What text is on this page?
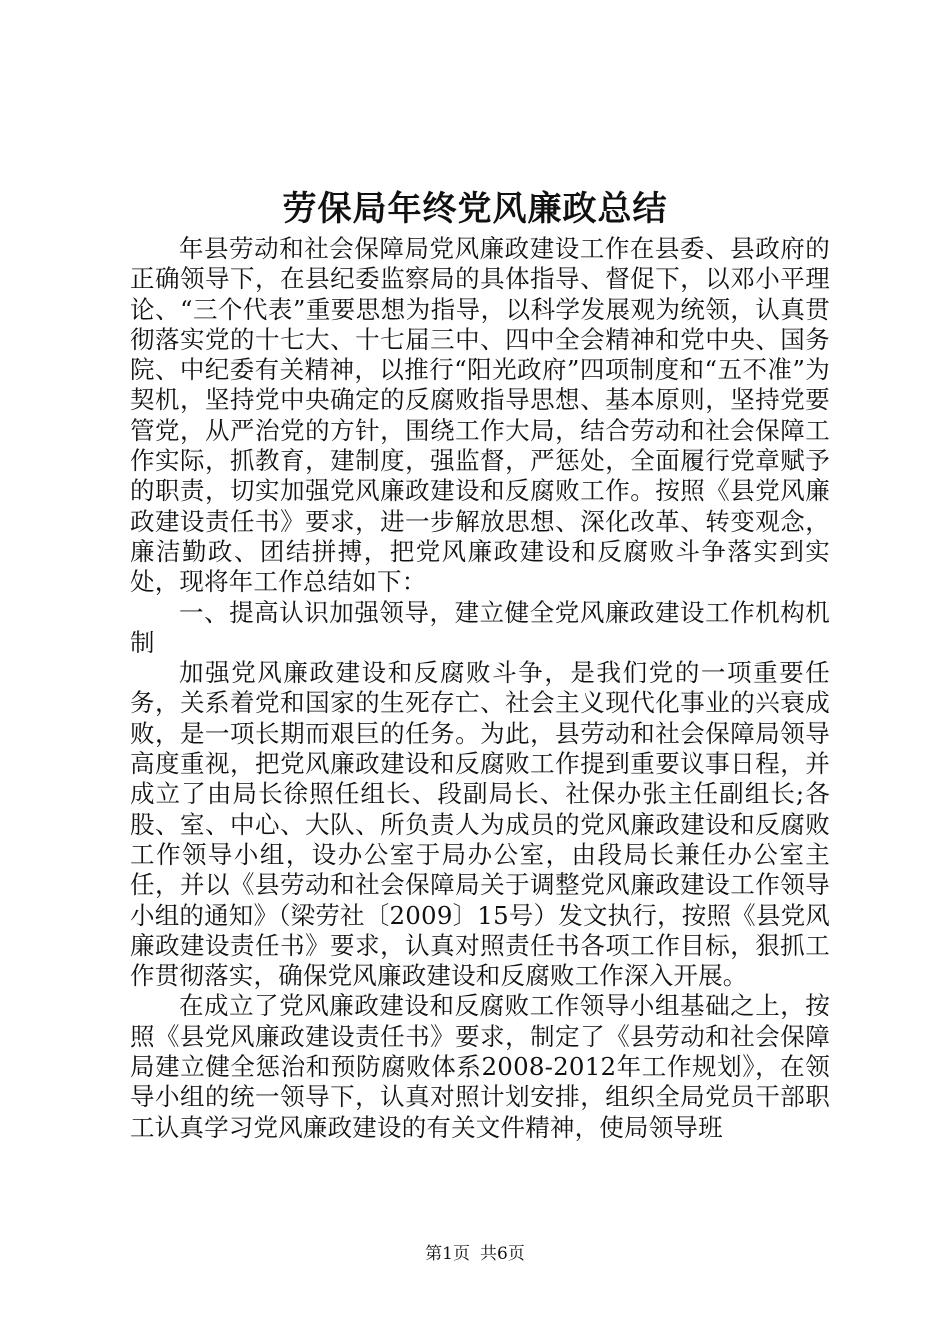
劳保局年终党风廉政总结

年县劳动和社会保障局党风廉政建设工作在县委、县政府的正确领导下，在县纪委监察局的具体指导、督促下，以邓小平理论、“三个代表”重要思想为指导，以科学发展观为统领，认真贯彻落实党的十七大、十七届三中、四中全会精神和党中央、国务院、中纪委有关精神，以推行“阳光政府”四项制度和“五不准”为契机，坚持党中央确定的反腐败指导思想、基本原则，坚持党要管党，从严治党的方针，围绕工作大局，结合劳动和社会保障工作实际，抓教育，建制度，强监督，严惩处，全面履行党章赋予的职责，切实加强党风廉政建设和反腐败工作。按照《县党风廉政建设责任书》要求，进一步解放思想、深化改革、转变观念，廉洁勤政、团结拼搏，把党风廉政建设和反腐败斗争落实到实处，现将年工作总结如下：

一、提高认识加强领导，建立健全党风廉政建设工作机构机制

加强党风廉政建设和反腐败斗争，是我们党的一项重要任务，关系着党和国家的生死存亡、社会主义现代化事业的兴衰成败，是一项长期而艰巨的任务。为此，县劳动和社会保障局领导高度重视，把党风廉政建设和反腐败工作提到重要议事日程，并成立了由局长徐照任组长、段副局长、社保办张主任副组长;各股、室、中心、大队、所负责人为成员的党风廉政建设和反腐败工作领导小组，设办公室于局办公室，由段局长兼任办公室主任，并以《县劳动和社会保障局关于调整党风廉政建设工作领导小组的通知》（梁劳社〔2009〕15号）发文执行，按照《县党风廉政建设责任书》要求，认真对照责任书各项工作目标，狠抓工作贯彻落实，确保党风廉政建设和反腐败工作深入开展。

在成立了党风廉政建设和反腐败工作领导小组基础之上，按照《县党风廉政建设责任书》要求，制定了《县劳动和社会保障局建立健全惩治和预防腐败体系2008-2012年工作规划》，在领导小组的统一领导下，认真对照计划安排，组织全局党员干部职工认真学习党风廉政建设的有关文件精神，使局领导班

第1页 共6页
